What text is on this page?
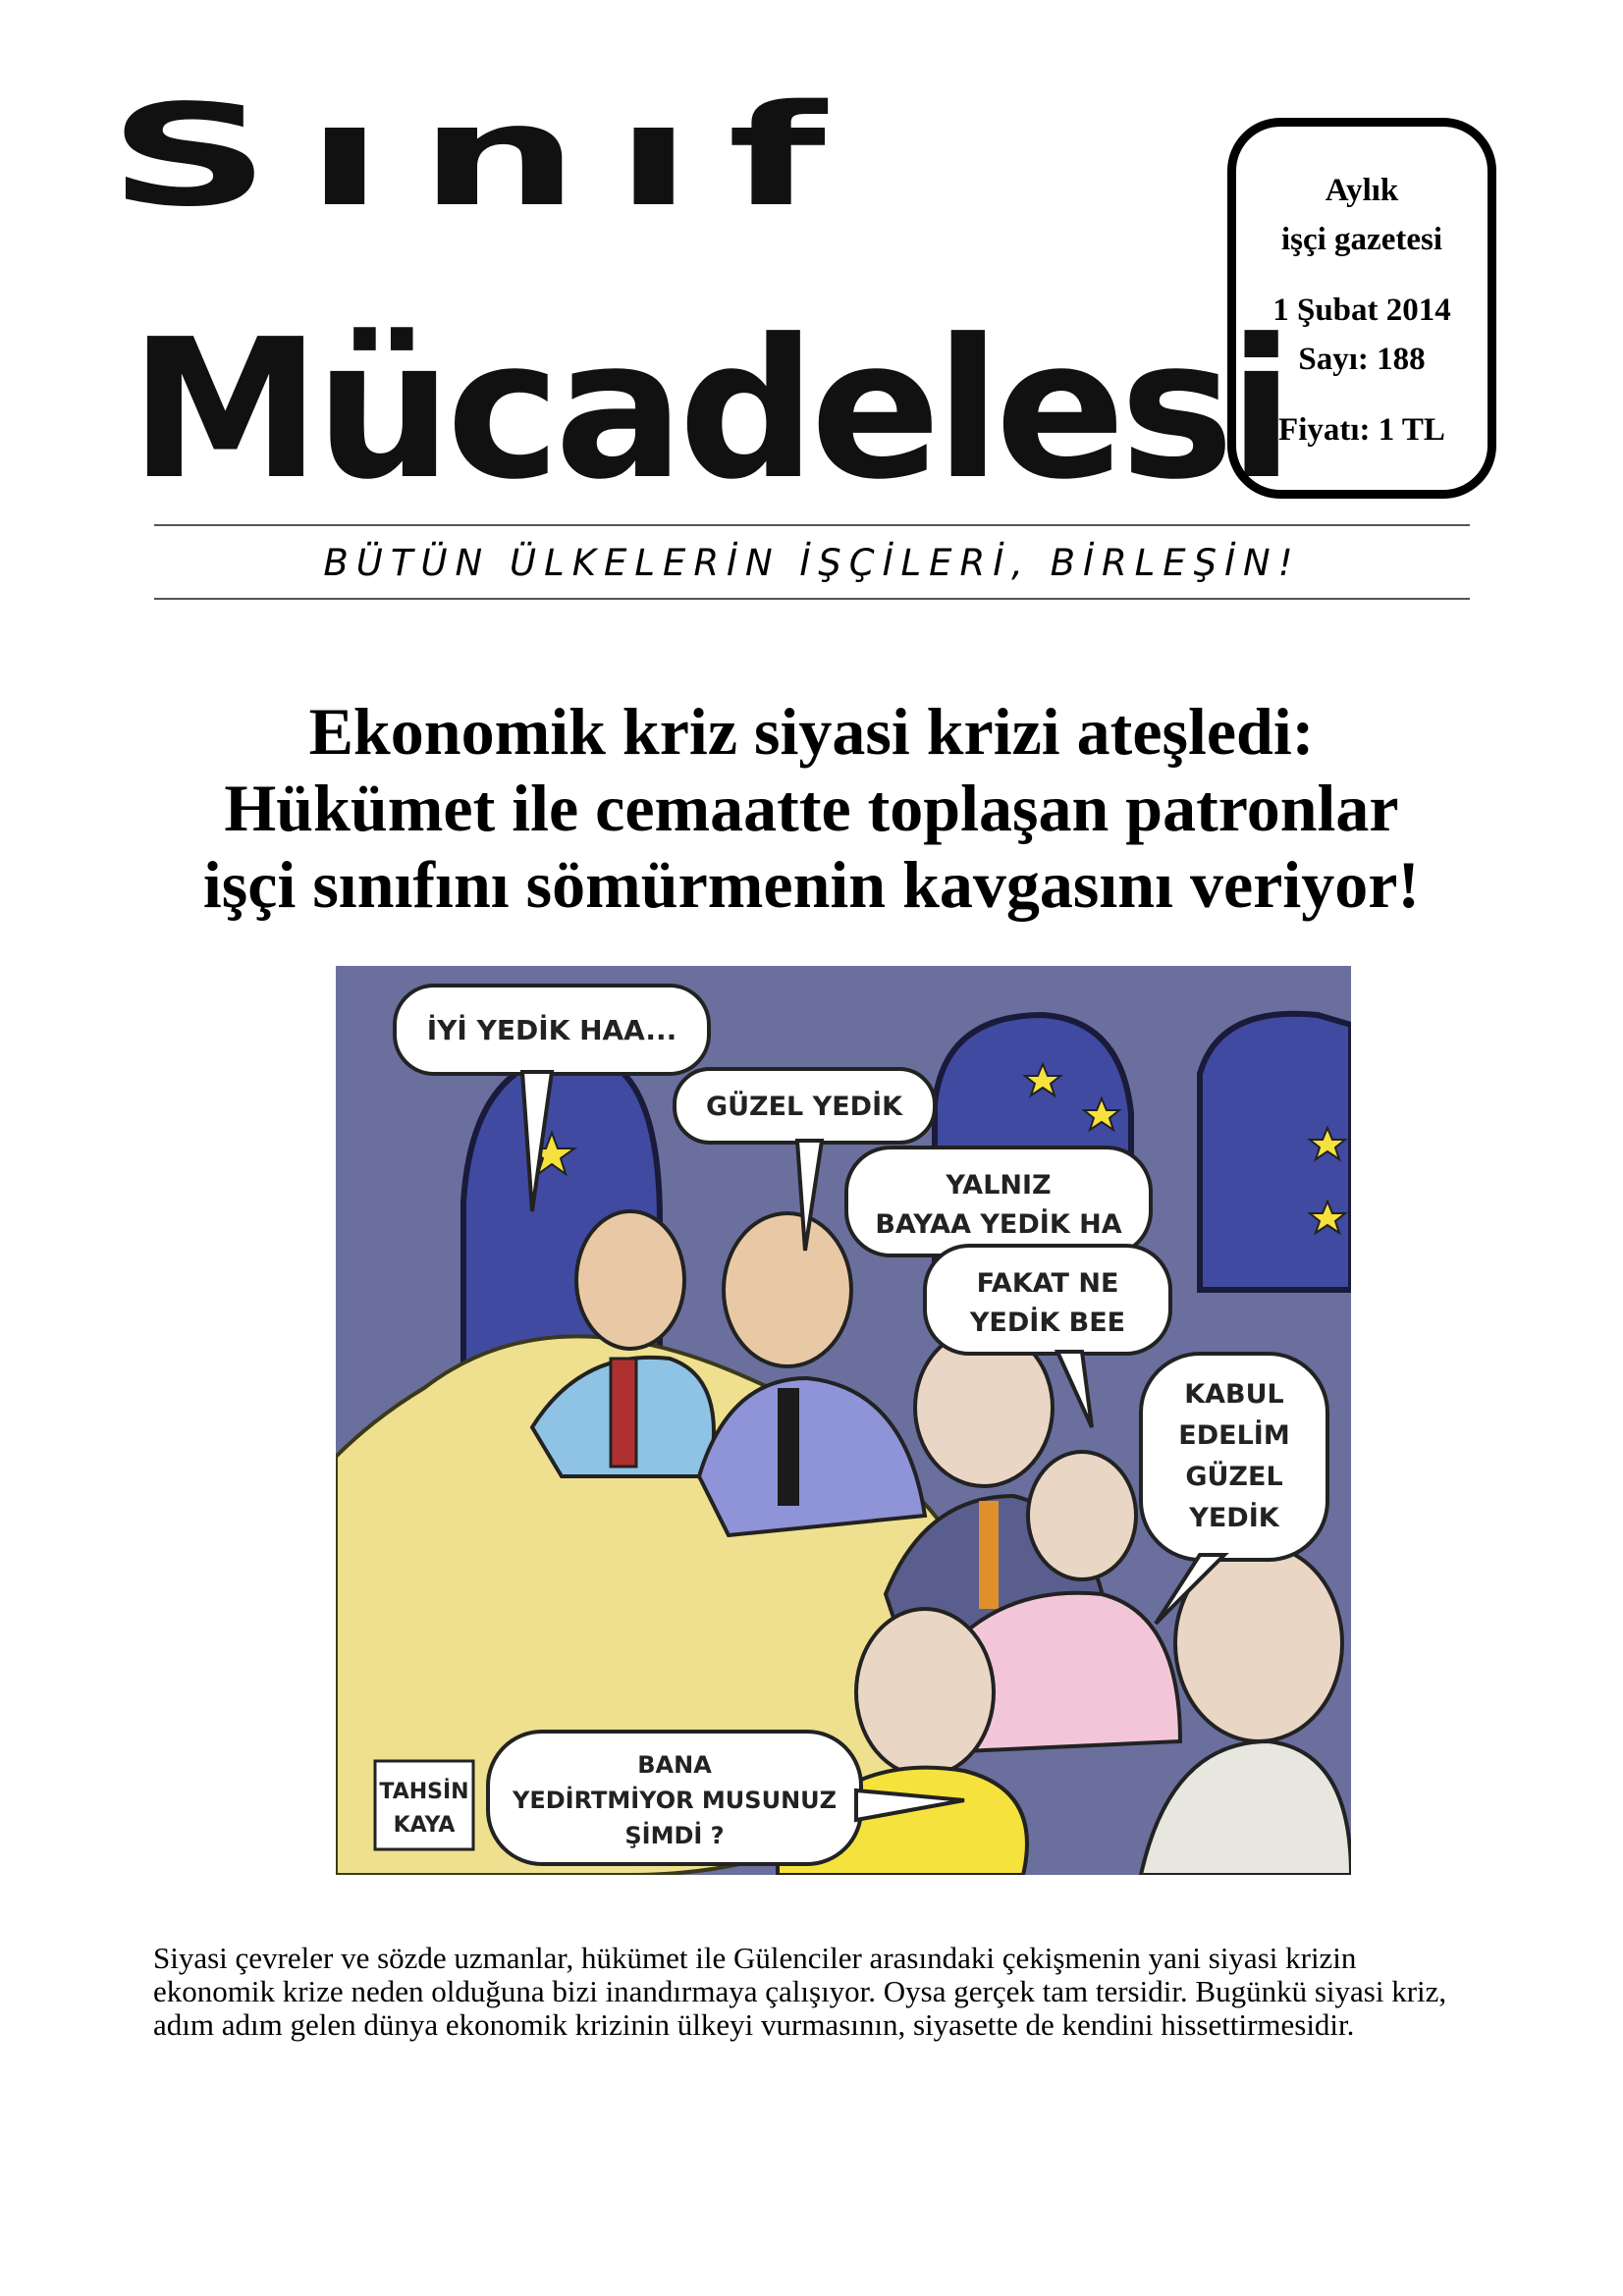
Sınıf
Mücadelesi
Aylık
işçi gazetesi
1 Şubat 2014
Sayı: 188
Fiyatı: 1 TL
BÜTÜN ÜLKELERİN İŞÇİLERİ, BİRLEŞİN!
Ekonomik kriz siyasi krizi ateşledi:
Hükümet ile cemaatte toplaşan patronlar
işçi sınıfını sömürmenin kavgasını veriyor!
İYİ YEDİK HAA...
GÜZEL YEDİK
YALNIZ
BAYAA YEDİK HA
FAKAT NE
YEDİK BEE
KABUL
EDELİM
GÜZEL
YEDİK
BANA
YEDİRTMİYOR MUSUNUZ
ŞİMDİ ?
TAHSİN
KAYA
Siyasi çevreler ve sözde uzmanlar, hükümet ile Gülenciler arasındaki çekişmenin yani siyasi krizin ekonomik krize neden olduğuna bizi inandırmaya çalışıyor. Oysa gerçek tam tersidir. Bugünkü siyasi kriz, adım adım gelen dünya ekonomik krizinin ülkeyi vurmasının, siyasette de kendini hissettirmesidir.
